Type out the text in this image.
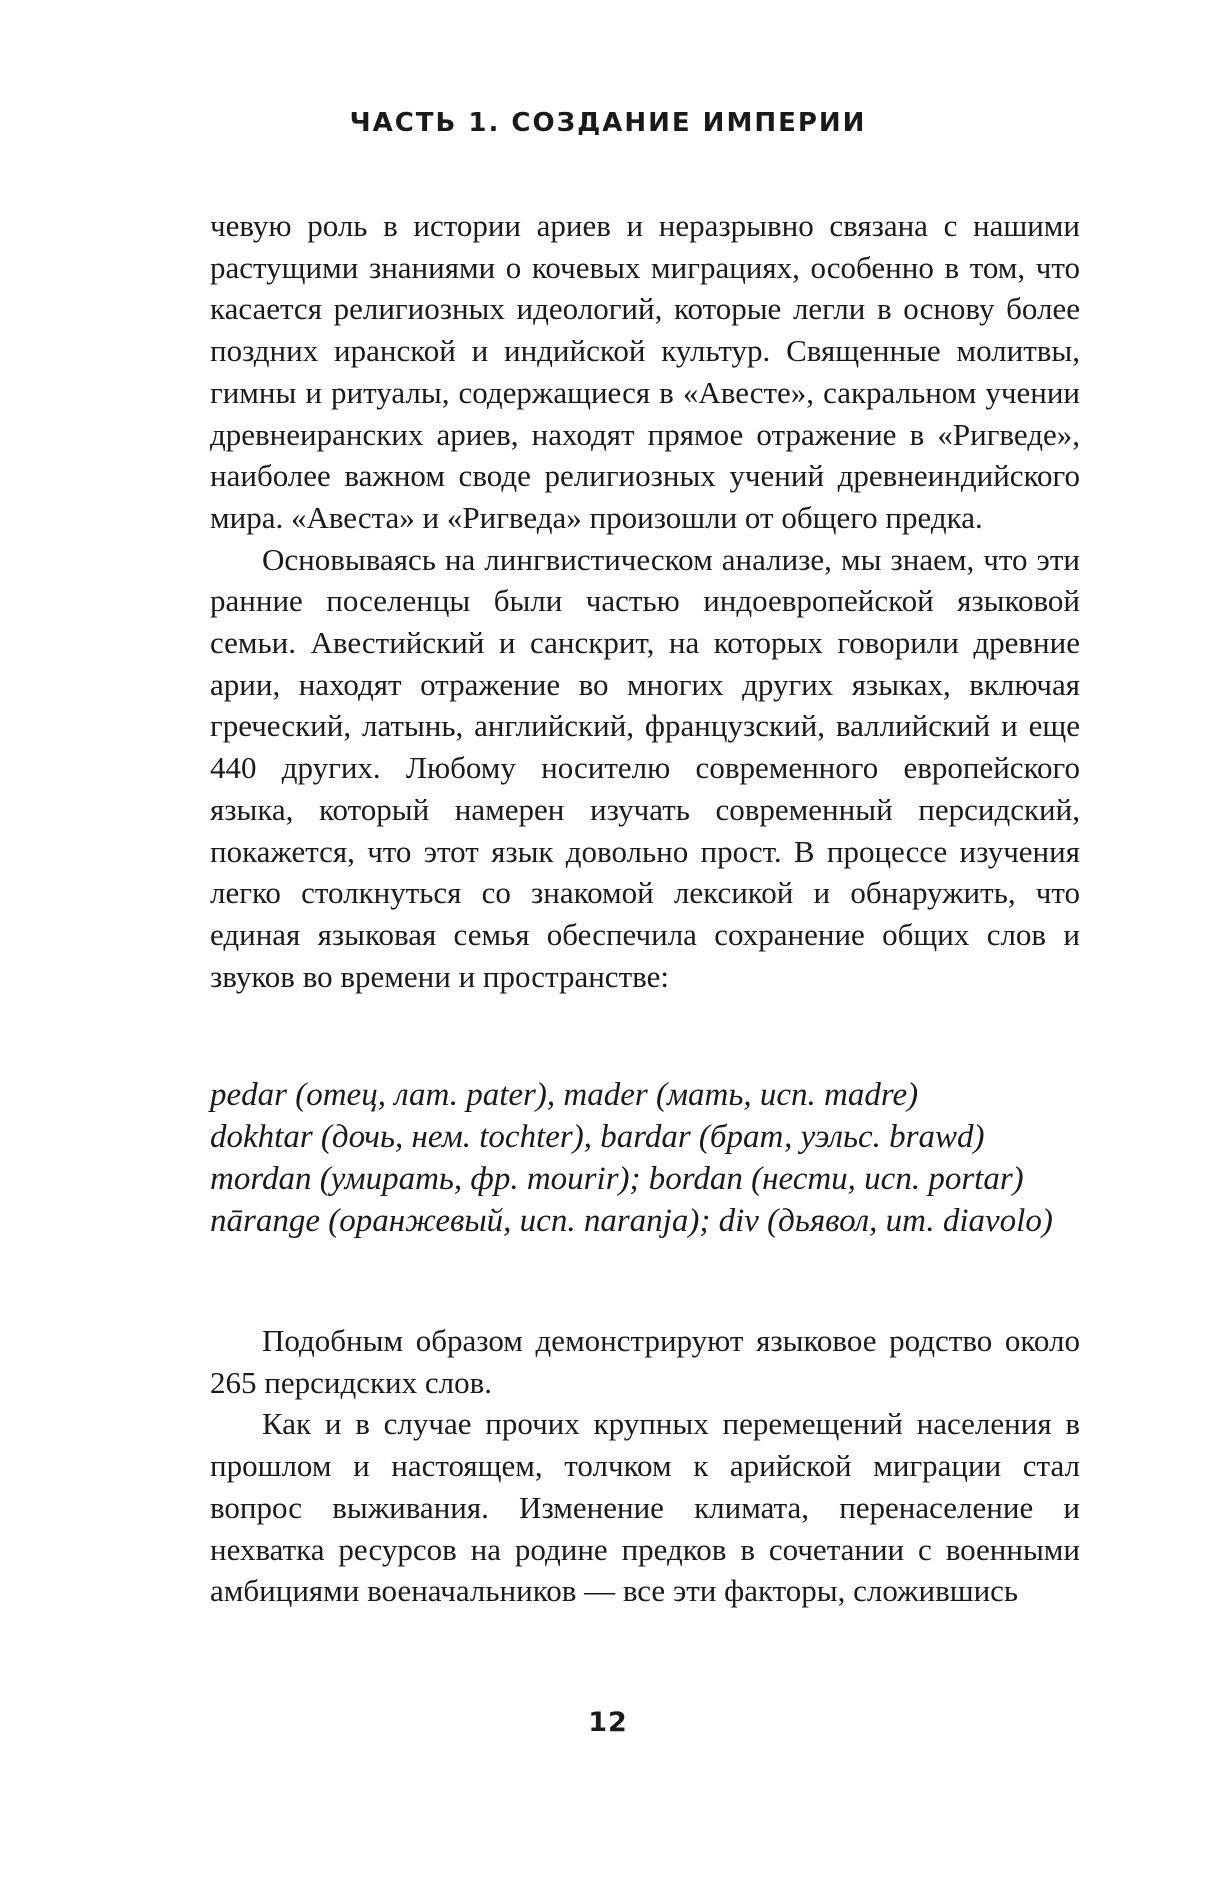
ЧАСТЬ 1. СОЗДАНИЕ ИМПЕРИИ

чевую роль в истории ариев и неразрывно связана с нашими растущими знаниями о кочевых миграциях, особенно в том, что касается религиозных идеологий, которые легли в основу более поздних иранской и индийской культур. Священные молитвы, гимны и ритуалы, содержащиеся в «Авесте», сакральном учении древнеиранских ариев, находят прямое отражение в «Ригведе», наиболее важном своде религиозных учений древнеиндийского мира. «Авеста» и «Ригведа» произошли от общего предка.

Основываясь на лингвистическом анализе, мы знаем, что эти ранние поселенцы были частью индоевропейской языковой семьи. Авестийский и санскрит, на которых говорили древние арии, находят отражение во многих других языках, включая греческий, латынь, английский, французский, валлийский и еще 440 других. Любому носителю современного европейского языка, который намерен изучать современный персидский, покажется, что этот язык довольно прост. В процессе изучения легко столкнуться со знакомой лексикой и обнаружить, что единая языковая семья обеспечила сохранение общих слов и звуков во времени и пространстве:

pedar (отец, лат. pater), mader (мать, исп. madre)

dokhtar (дочь, нем. tochter), bardar (брат, уэльс. brawd)

mordan (умирать, фр. mourir); bordan (нести, исп. portar)

nārange (оранжевый, исп. naranja); div (дьявол, ит. diavolo)

Подобным образом демонстрируют языковое родство около 265 персидских слов.

Как и в случае прочих крупных перемещений населения в прошлом и настоящем, толчком к арийской миграции стал вопрос выживания. Изменение климата, перенаселение и нехватка ресурсов на родине предков в сочетании с военными амбициями военачальников — все эти факторы, сложившись

12
